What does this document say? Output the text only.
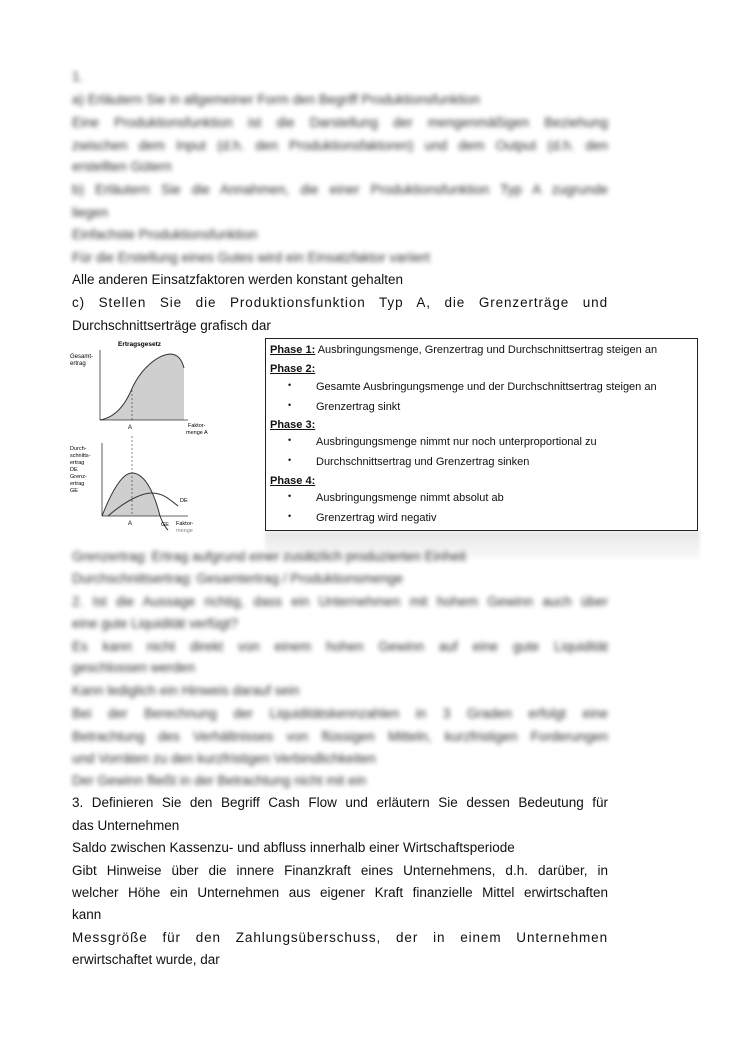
1.
a) Erläutern Sie in allgemeiner Form den Begriff Produktionsfunktion
Eine Produktionsfunktion ist die Darstellung der mengenmäßigen Beziehung
zwischen dem Input (d.h. den Produktionsfaktoren) und dem Output (d.h. den
erstellten Gütern
b) Erläutern Sie die Annahmen, die einer Produktionsfunktion Typ A zugrunde
liegen
Einfachste Produktionsfunktion
Für die Erstellung eines Gutes wird ein Einsatzfaktor variiert
Alle anderen Einsatzfaktoren werden konstant gehalten
c) Stellen Sie die Produktionsfunktion Typ A, die Grenzerträge und
Durchschnittserträge grafisch dar
Ertragsgesetz
Gesamt-
ertrag
A	Faktor-
menge A
Durch-
schnitts-
ertrag
DE
Grenz-
ertrag
GE
DE
GE
A	Faktor-
menge
Phase 1: Ausbringungsmenge, Grenzertrag und Durchschnittsertrag steigen an
Phase 2:
• Gesamte Ausbringungsmenge und der Durchschnittsertrag steigen an
• Grenzertrag sinkt
Phase 3:
• Ausbringungsmenge nimmt nur noch unterproportional zu
• Durchschnittsertrag und Grenzertrag sinken
Phase 4:
• Ausbringungsmenge nimmt absolut ab
• Grenzertrag wird negativ
Grenzertrag: Ertrag aufgrund einer zusätzlich produzierten Einheit
Durchschnittsertrag: Gesamtertrag / Produktionsmenge
2. Ist die Aussage richtig, dass ein Unternehmen mit hohem Gewinn auch über
eine gute Liquidität verfügt?
Es kann nicht direkt von einem hohen Gewinn auf eine gute Liquidität
geschlossen werden
Kann lediglich ein Hinweis darauf sein
Bei der Berechnung der Liquiditätskennzahlen in 3 Graden erfolgt eine
Betrachtung des Verhältnisses von flüssigen Mitteln, kurzfristigen Forderungen
und Vorräten zu den kurzfristigen Verbindlichkeiten
Der Gewinn fließt in der Betrachtung nicht mit ein
3. Definieren Sie den Begriff Cash Flow und erläutern Sie dessen Bedeutung für
das Unternehmen
Saldo zwischen Kassenzu- und abfluss innerhalb einer Wirtschaftsperiode
Gibt Hinweise über die innere Finanzkraft eines Unternehmens, d.h. darüber, in
welcher Höhe ein Unternehmen aus eigener Kraft finanzielle Mittel erwirtschaften
kann
Messgröße für den Zahlungsüberschuss, der in einem Unternehmen
erwirtschaftet wurde, dar
